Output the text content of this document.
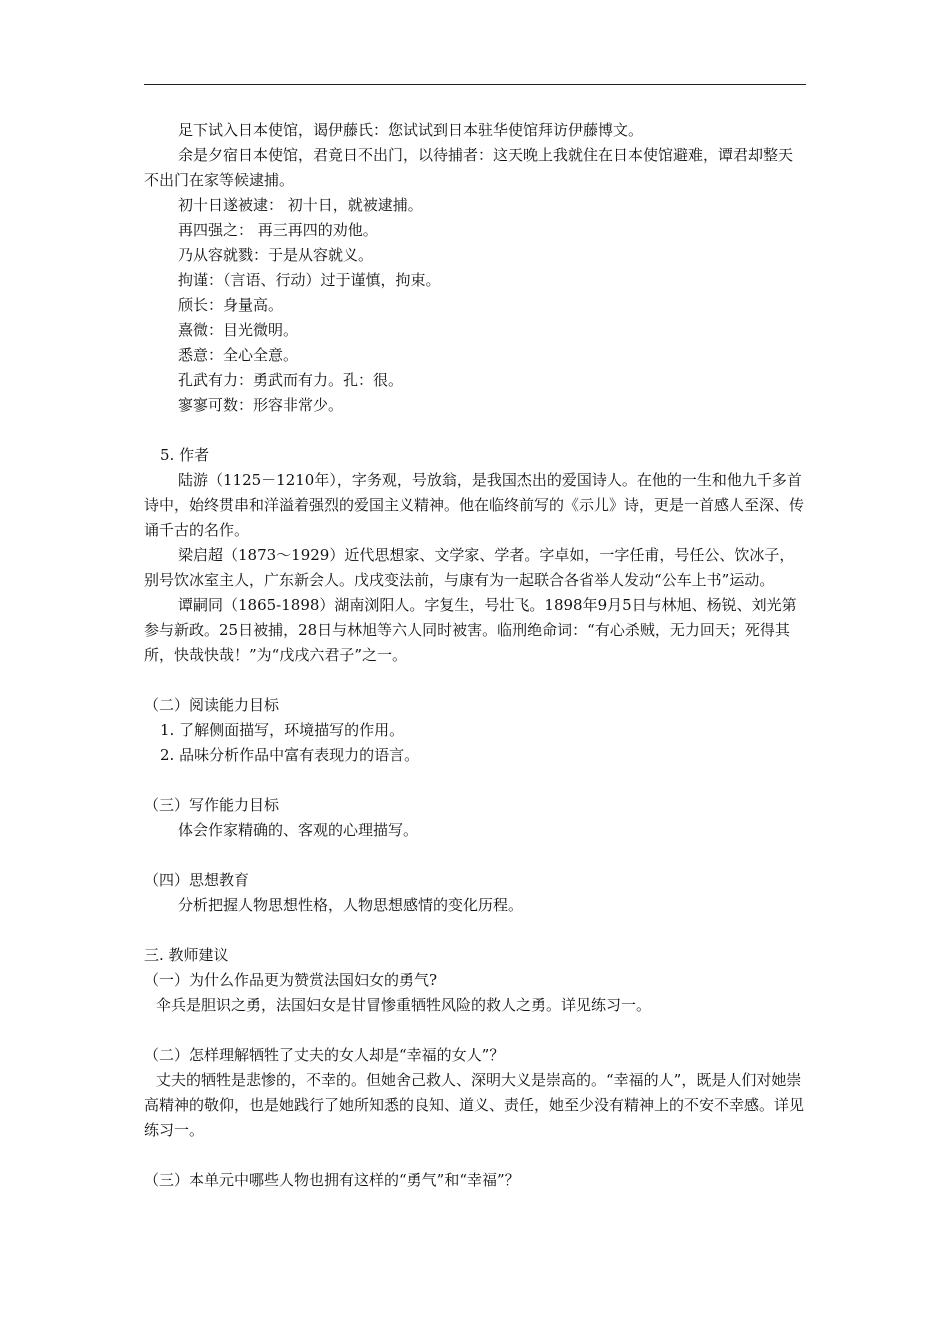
足下试入日本使馆，谒伊藤氏：您试试到日本驻华使馆拜访伊藤博文。

余是夕宿日本使馆，君竟日不出门，以待捕者：这天晚上我就住在日本使馆避难，谭君却整天不出门在家等候逮捕。

初十日遂被逮： 初十日，就被逮捕。

再四强之： 再三再四的劝他。

乃从容就戮：于是从容就义。

拘谨：（言语、行动）过于谨慎，拘束。

颀长：身量高。

熹微：目光微明。

悉意：全心全意。

孔武有力：勇武而有力。孔：很。

寥寥可数：形容非常少。

5. 作者

陆游（1125－1210年），字务观，号放翁，是我国杰出的爱国诗人。在他的一生和他九千多首诗中，始终贯串和洋溢着强烈的爱国主义精神。他在临终前写的《示儿》诗，更是一首感人至深、传诵千古的名作。

梁启超（1873～1929）近代思想家、文学家、学者。字卓如，一字任甫，号任公、饮冰子，别号饮冰室主人，广东新会人。戊戌变法前，与康有为一起联合各省举人发动“公车上书”运动。

谭嗣同（1865-1898）湖南浏阳人。字复生，号壮飞。1898年9月5日与林旭、杨锐、刘光第参与新政。25日被捕，28日与林旭等六人同时被害。临刑绝命词：“有心杀贼，无力回天；死得其所，快哉快哉！”为“戊戌六君子”之一。

（二）阅读能力目标

1. 了解侧面描写，环境描写的作用。

2. 品味分析作品中富有表现力的语言。

（三）写作能力目标

体会作家精确的、客观的心理描写。

（四）思想教育

分析把握人物思想性格，人物思想感情的变化历程。

三. 教师建议

（一）为什么作品更为赞赏法国妇女的勇气?

伞兵是胆识之勇，法国妇女是甘冒惨重牺牲风险的救人之勇。详见练习一。

（二）怎样理解牺牲了丈夫的女人却是“幸福的女人”？

丈夫的牺牲是悲惨的，不幸的。但她舍己救人、深明大义是崇高的。“幸福的人”，既是人们对她崇高精神的敬仰，也是她践行了她所知悉的良知、道义、责任，她至少没有精神上的不安不幸感。详见练习一。

（三）本单元中哪些人物也拥有这样的“勇气”和“幸福”？
